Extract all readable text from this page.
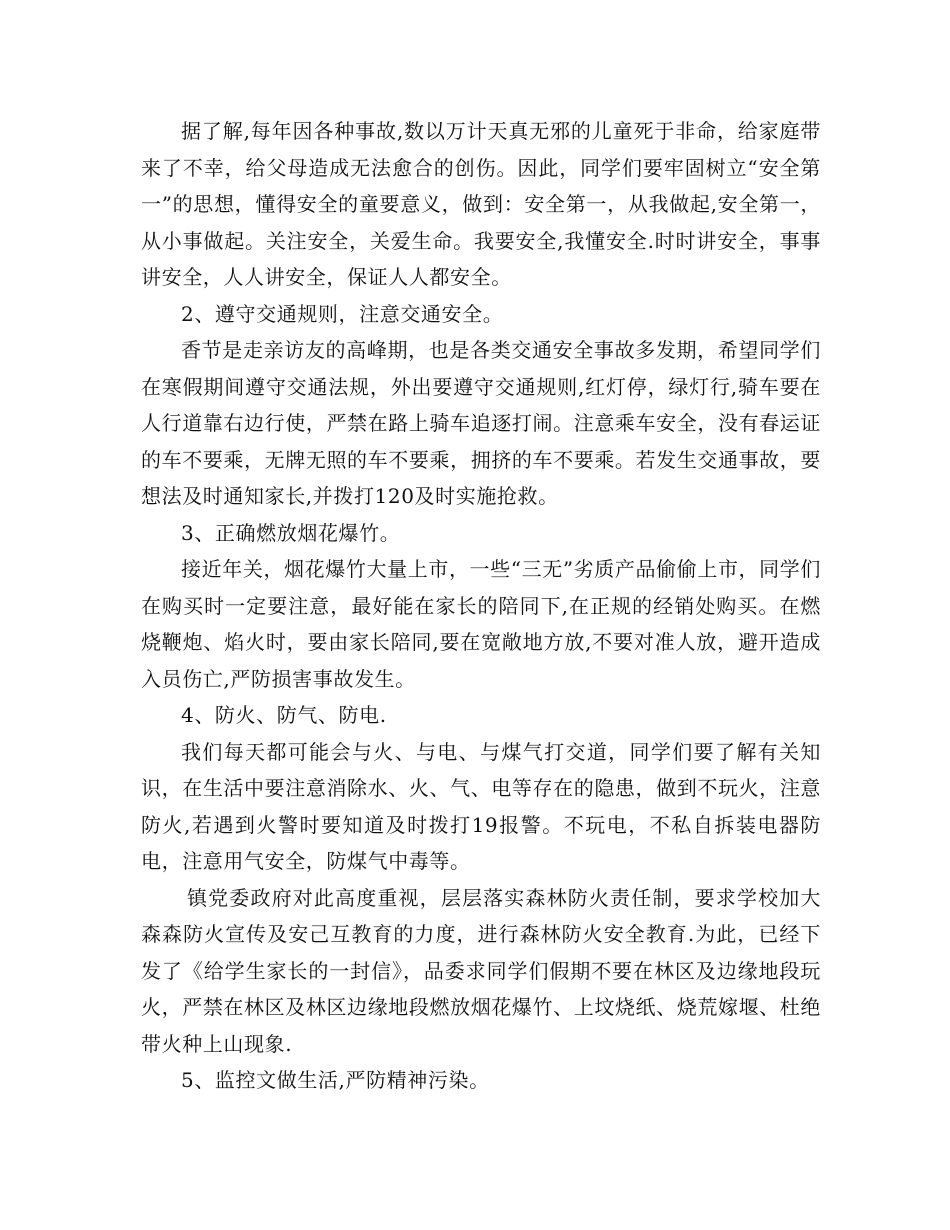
据了解,每年因各种事故,数以万计天真无邪的儿童死于非命，给家庭带来了不幸，给父母造成无法愈合的创伤。因此，同学们要牢固树立“安全第一”的思想，懂得安全的童要意义，做到：安全第一，从我做起,安全第一，从小事做起。关注安全，关爱生命。我要安全,我懂安全.时时讲安全，事事讲安全，人人讲安全，保证人人都安全。

2、遵守交通规则，注意交通安全。

香节是走亲访友的高峰期，也是各类交通安全事故多发期，希望同学们在寒假期间遵守交通法规，外出要遵守交通规则,红灯停，绿灯行,骑车要在人行道靠右边行使，严禁在路上骑车追逐打闹。注意乘车安全，没有春运证的车不要乘，无牌无照的车不要乘，拥挤的车不要乘。若发生交通事故，要想法及时通知家长,并拨打120及时实施抢救。

3、正确燃放烟花爆竹。

接近年关，烟花爆竹大量上市，一些“三无”劣质产品偷偷上市，同学们在购买时一定要注意，最好能在家长的陪同下,在正规的经销处购买。在燃烧鞭炮、焰火时，要由家长陪同,要在宽敞地方放,不要对准人放，避开造成入员伤亡,严防损害事故发生。

4、防火、防气、防电.

我们每天都可能会与火、与电、与煤气打交道，同学们要了解有关知识，在生活中要注意消除水、火、气、电等存在的隐患，做到不玩火，注意防火,若遇到火警时要知道及时拨打19报警。不玩电，不私自拆装电器防电，注意用气安全，防煤气中毒等。

镇党委政府对此高度重视，层层落实森林防火责任制，要求学校加大森森防火宣传及安己互教育的力度，进行森林防火安全教育.为此，已经下发了《给学生家长的一封信》，品委求同学们假期不要在林区及边缘地段玩火，严禁在林区及林区边缘地段燃放烟花爆竹、上坟烧纸、烧荒嫁堰、杜绝带火种上山现象.

5、监控文做生活,严防精神污染。
